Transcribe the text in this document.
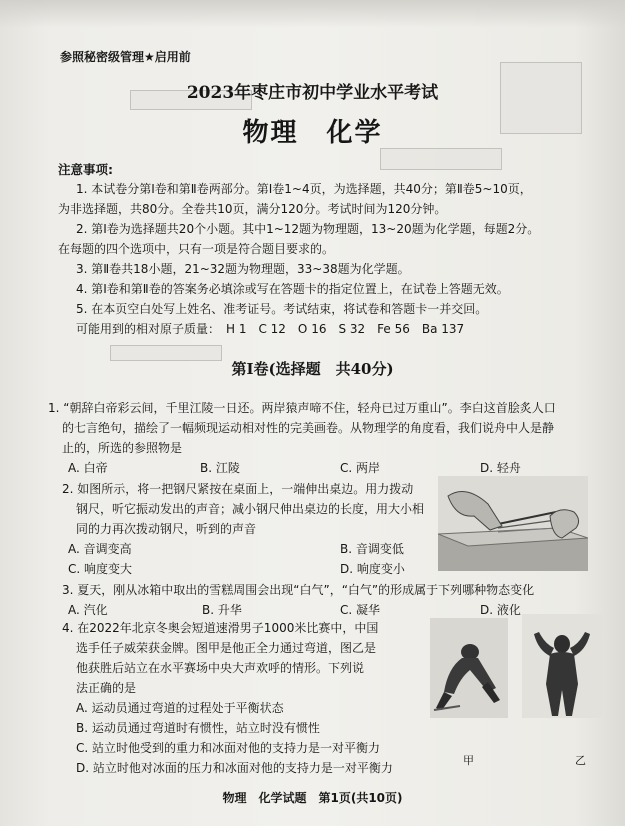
参照秘密级管理★启用前
2023年枣庄市初中学业水平考试
物理　化学
注意事项:

1. 本试卷分第Ⅰ卷和第Ⅱ卷两部分。第Ⅰ卷1~4页，为选择题，共40分；第Ⅱ卷5~10页，

为非选择题，共80分。全卷共10页，满分120分。考试时间为120分钟。

2. 第Ⅰ卷为选择题共20个小题。其中1~12题为物理题，13~20题为化学题，每题2分。

在每题的四个选项中，只有一项是符合题目要求的。

3. 第Ⅱ卷共18小题，21~32题为物理题，33~38题为化学题。

4. 第Ⅰ卷和第Ⅱ卷的答案务必填涂或写在答题卡的指定位置上，在试卷上答题无效。

5. 在本页空白处写上姓名、准考证号。考试结束，将试卷和答题卡一并交回。

可能用到的相对原子质量：　H 1　C 12　O 16　S 32　Fe 56　Ba 137

第Ⅰ卷(选择题　共40分)

1. “朝辞白帝彩云间，千里江陵一日还。两岸猿声啼不住，轻舟已过万重山”。李白这首脍炙人口

的七言绝句，描绘了一幅频现运动相对性的完美画卷。从物理学的角度看，我们说舟中人是静

止的，所选的参照物是

A. 白帝	B. 江陵	C. 两岸	D. 轻舟

2. 如图所示，将一把钢尺紧按在桌面上，一端伸出桌边。用力拨动

钢尺，听它振动发出的声音；减小钢尺伸出桌边的长度，用大小相

同的力再次拨动钢尺，听到的声音

A. 音调变高	B. 音调变低
C. 响度变大	D. 响度变小

3. 夏天，刚从冰箱中取出的雪糕周围会出现“白气”，“白气”的形成属于下列哪种物态变化

A. 汽化	B. 升华	C. 凝华	D. 液化

4. 在2022年北京冬奥会短道速滑男子1000米比赛中，中国

选手任子威荣获金牌。图甲是他正全力通过弯道，图乙是

他获胜后站立在水平赛场中央大声欢呼的情形。下列说

法正确的是

A. 运动员通过弯道的过程处于平衡状态

B. 运动员通过弯道时有惯性，站立时没有惯性

C. 站立时他受到的重力和冰面对他的支持力是一对平衡力

D. 站立时他对冰面的压力和冰面对他的支持力是一对平衡力

甲	乙
物理　化学试题　第1页(共10页)
